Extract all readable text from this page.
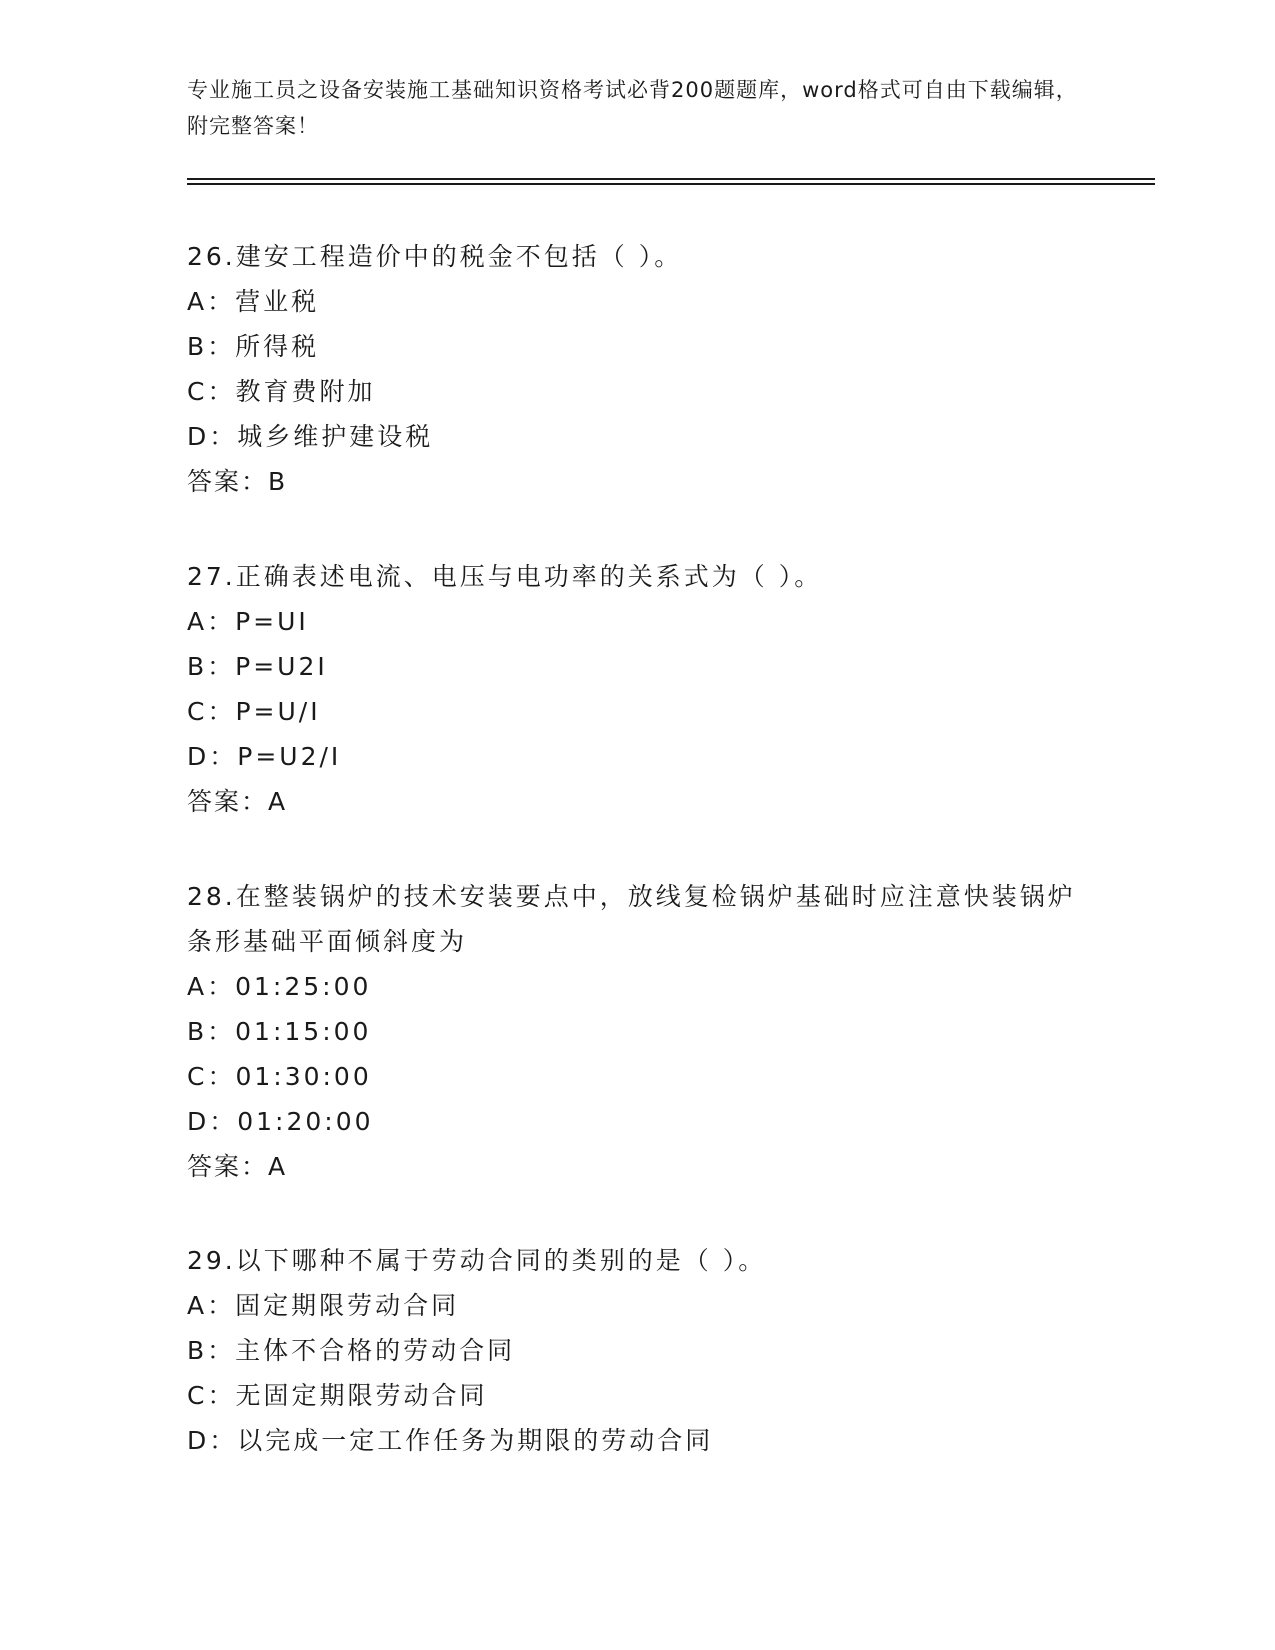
专业施工员之设备安装施工基础知识资格考试必背200题题库，word格式可自由下载编辑，附完整答案！

26.建安工程造价中的税金不包括（ ）。

A：营业税

B：所得税

C：教育费附加

D：城乡维护建设税

答案：B

27.正确表述电流、电压与电功率的关系式为（ ）。

A：P=UI

B：P=U2I

C：P=U/I

D：P=U2/I

答案：A

28.在整装锅炉的技术安装要点中，放线复检锅炉基础时应注意快装锅炉条形基础平面倾斜度为

A：01:25:00

B：01:15:00

C：01:30:00

D：01:20:00

答案：A

29.以下哪种不属于劳动合同的类别的是（ ）。

A：固定期限劳动合同

B：主体不合格的劳动合同

C：无固定期限劳动合同

D：以完成一定工作任务为期限的劳动合同
